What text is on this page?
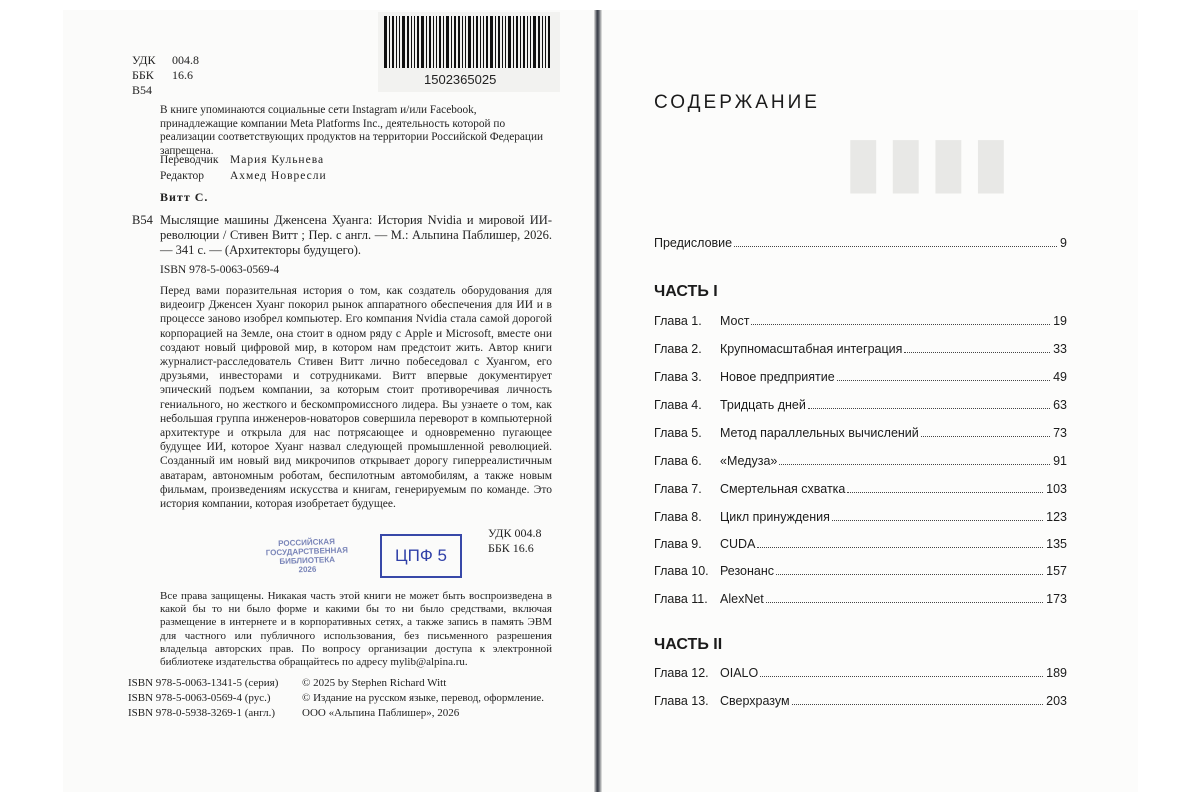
▮▮▮▮
1502365025
УДК 004.8
ББК 16.6
В54
В книге упоминаются социальные сети Instagram и/или Facebook, принадлежащие компании Meta Platforms Inc., деятельность которой по реализации соответствующих продуктов на территории Российской Федерации запрещена.
Переводчик Мария Кульнева
Редактор Ахмед Новресли
Витт С.
В54 Мыслящие машины Дженсена Хуанга: История Nvidia и мировой ИИ-революции / Стивен Витт ; Пер. с англ. — М.: Альпина Паблишер, 2026. — 341 с. — (Архитекторы будущего).
ISBN 978-5-0063-0569-4
Перед вами поразительная история о том, как создатель оборудования для видеоигр Дженсен Хуанг покорил рынок аппаратного обеспечения для ИИ и в процессе заново изобрел компьютер. Его компания Nvidia стала самой дорогой корпорацией на Земле, она стоит в одном ряду с Apple и Microsoft, вместе они создают новый цифровой мир, в котором нам предстоит жить. Автор книги журналист-расследователь Стивен Витт лично побеседовал с Хуангом, его друзьями, инвесторами и сотрудниками. Витт впервые документирует эпический подъем компании, за которым стоит противоречивая личность гениального, но жесткого и бескомпромиссного лидера. Вы узнаете о том, как небольшая группа инженеров-новаторов совершила переворот в компьютерной архитектуре и открыла для нас потрясающее и одновременно пугающее будущее ИИ, которое Хуанг назвал следующей промышленной революцией. Созданный им новый вид микрочипов открывает дорогу гиперреалистичным аватарам, автономным роботам, беспилотным автомобилям, а также новым фильмам, произведениям искусства и книгам, генерируемым по команде. Это история компании, которая изобретает будущее.
УДК 004.8
ББК 16.6
РОССИЙСКАЯ
ГОСУДАРСТВЕННАЯ
БИБЛИОТЕКА
2026
ЦПФ 5
Все права защищены. Никакая часть этой книги не может быть воспроизведена в какой бы то ни было форме и какими бы то ни было средствами, включая размещение в интернете и в корпоративных сетях, а также запись в память ЭВМ для частного или публичного использования, без письменного разрешения владельца авторских прав. По вопросу организации доступа к электронной библиотеке издательства обращайтесь по адресу mylib@alpina.ru.
ISBN 978-5-0063-1341-5 (серия)
ISBN 978-5-0063-0569-4 (рус.)
ISBN 978-0-5938-3269-1 (англ.)
© 2025 by Stephen Richard Witt
© Издание на русском языке, перевод, оформление.
ООО «Альпина Паблишер», 2026
СОДЕРЖАНИЕ
Предисловие	9
ЧАСТЬ I
Глава 1.	Мост	19
Глава 2.	Крупномасштабная интеграция	33
Глава 3.	Новое предприятие	49
Глава 4.	Тридцать дней	63
Глава 5.	Метод параллельных вычислений	73
Глава 6.	«Медуза»	91
Глава 7.	Смертельная схватка	103
Глава 8.	Цикл принуждения	123
Глава 9.	CUDA	135
Глава 10. Резонанс	157
Глава 11. AlexNet	173
ЧАСТЬ II
Глава 12. OIALO	189
Глава 13. Сверхразум	203
